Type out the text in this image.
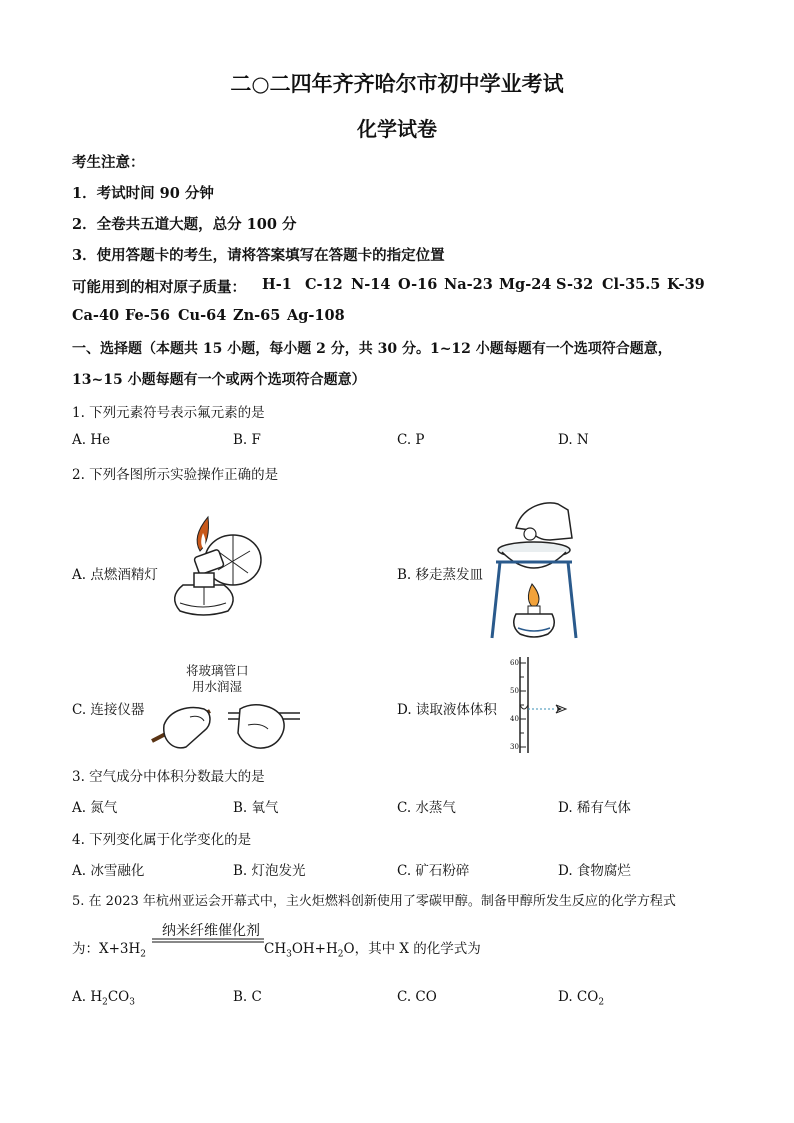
二○二四年齐齐哈尔市初中学业考试
化学试卷
考生注意：
1．考试时间 90 分钟
2．全卷共五道大题，总分 100 分
3．使用答题卡的考生，请将答案填写在答题卡的指定位置
可能用到的相对原子质量： H-1 C-12 N-14 O-16 Na-23 Mg-24 S-32 Cl-35.5 K-39
Ca-40 Fe-56 Cu-64 Zn-65 Ag-108
一、选择题（本题共 15 小题，每小题 2 分，共 30 分。1~12 小题每题有一个选项符合题意，
13~15 小题每题有一个或两个选项符合题意）
1. 下列元素符号表示氟元素的是
A. He	B. F	C. P	D. N
2. 下列各图所示实验操作正确的是
A. 点燃酒精灯	B. 移走蒸发皿
将玻璃管口
用水润湿
C. 连接仪器
60
50
40
30
D. 读取液体体积
3. 空气成分中体积分数最大的是
A. 氮气	B. 氧气	C. 水蒸气	D. 稀有气体
4. 下列变化属于化学变化的是
A. 冰雪融化	B. 灯泡发光	C. 矿石粉碎	D. 食物腐烂
5. 在 2023 年杭州亚运会开幕式中，主火炬燃料创新使用了零碳甲醇。制备甲醇所发生反应的化学方程式
为：$X+3H_2$
纳米纤维催化剂
$CH_3OH+H_2O$，其中 X 的化学式为
A. $H_2CO_3$	B. C	C. CO	D. $CO_2$
